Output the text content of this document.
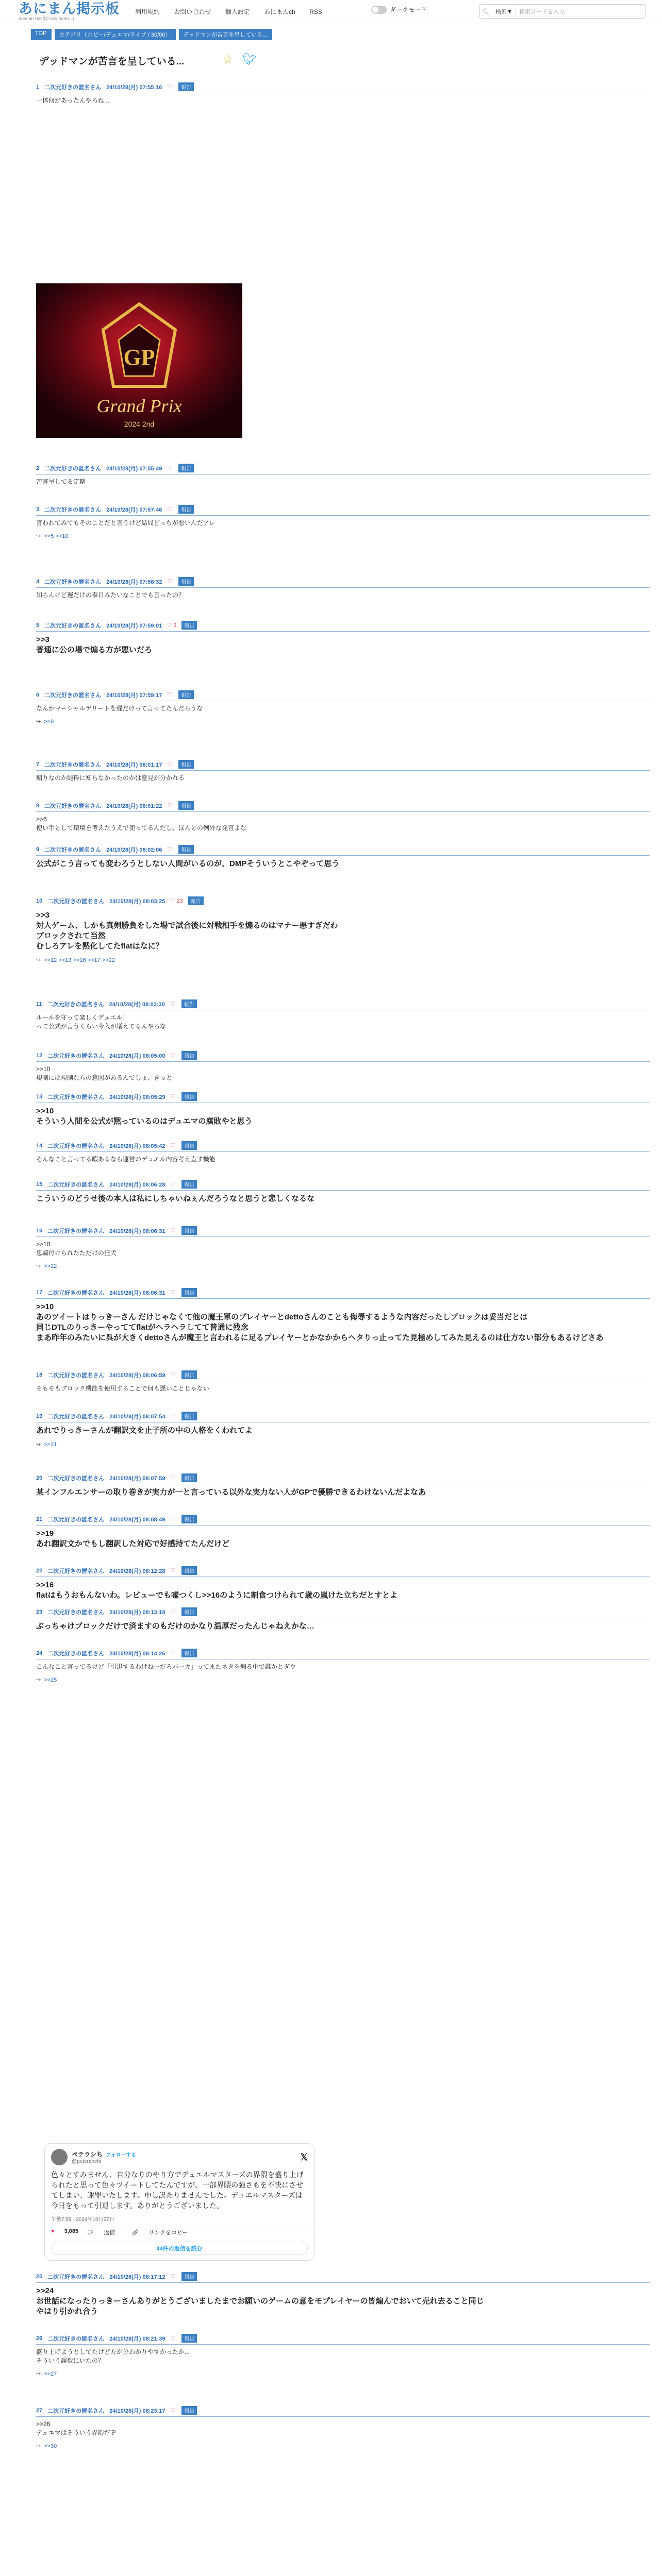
あにまん掲示板
animan bbs(ID:anichann...)
利用規約 お問い合わせ 個人設定 あにまんch RSS	ダークモード	🔍︎	検索▼	検索ワードを入力
TOP	カテゴリ（ホビー/デュエマ/ライブ / 30/00）	デッドマンが苦言を呈している...
デッドマンが苦言を呈している...	☆ 🐦︎
1 二次元好きの匿名さん 24/10/28(月) 07:55:16 ♡	報告
一体何があったんやろね...
2 二次元好きの匿名さん 24/10/28(月) 07:55:49 ♡	報告
苦言呈してる定期
3 二次元好きの匿名さん 24/10/28(月) 07:57:46 ♡	報告
言われてみてもそのことだと言うけど結局どっちが悪いんだアレ
↪ >>5 >>10
4 二次元好きの匿名さん 24/10/28(月) 07:58:32 ♡	報告
知らんけど遅だけの奉日みたいなことでも言ったの？
5 二次元好きの匿名さん 24/10/28(月) 07:59:01 ♡ 3	報告
>>3
普通に公の場で煽る方が悪いだろ
6 二次元好きの匿名さん 24/10/28(月) 07:59:17 ♡	報告
なんかマーシャルデリートを遅だけって言ってたんだろうな
↪ >>8
7 二次元好きの匿名さん 24/10/28(月) 08:01:17 ♡	報告
煽りなのか純粋に知らなかったのかは意見が分かれる
8 二次元好きの匿名さん 24/10/28(月) 08:01:22 ♡	報告
>>6
使い手として環境を考えたうえで使ってるんだし、ほんとの例外な発言よな
9 二次元好きの匿名さん 24/10/28(月) 08:02:06 ♡	報告
公式がこう言っても変わろうとしない人間がいるのが、DMPそういうとこやぞって思う
10 二次元好きの匿名さん 24/10/28(月) 08:03:25 ♡ 23	報告
>>3
対人ゲーム、しかも真剣勝負をした場で試合後に対戦相手を煽るのはマナー悪すぎだわ
ブロックされて当然
むしろアレを黙化してたflatはなに？
↪ >>12 >>13 >>16 >>17 >>22
11 二次元好きの匿名さん 24/10/28(月) 08:03:30 ♡	報告
ルールを守って楽しくデュエル！
って公式が言うくらい今入が増えてるんやろな
12 二次元好きの匿名さん 24/10/28(月) 08:05:00 ♡	報告
>>10
規制には規制ならの意図があるんでしょ、きっと
13 二次元好きの匿名さん 24/10/28(月) 08:05:29 ♡	報告
>>10
そういう人間を公式が黙っているのはデュエマの腐敗やと思う
14 二次元好きの匿名さん 24/10/28(月) 08:05:42 ♡	報告
そんなこと言ってる暇あるなら運営のデュエル内容考え直す機能
15 二次元好きの匿名さん 24/10/28(月) 08:06:28 ♡	報告
こういうのどうせ後の本人は私にしちゃいねぇんだろうなと思うと悲しくなるな
16 二次元好きの匿名さん 24/10/28(月) 08:06:31 ♡	報告
>>10
忠騎付けられたただけの狂犬
↪ >>22
17 二次元好きの匿名さん 24/10/28(月) 08:06:31 ♡	報告
>>10
あのツイートはりっきーさん だけじゃなくて他の魔王軍のプレイヤーとdettoさんのことも侮辱するような内容だったしブロックは妥当だとは
同じDTLのりっきーやっててflatがヘラヘラしてて普通に残念
まあ昨年のみたいに呉が大きくdettoさんが魔王と言われるに足るプレイヤーとかなかからヘタりっ止ってた見極めしてみた見えるのは仕方ない部分もあるけどさあ
18 二次元好きの匿名さん 24/10/28(月) 08:06:59 ♡	報告
そもそもブロック機能を使用することで何も悪いことじゃない
19 二次元好きの匿名さん 24/10/28(月) 08:07:54 ♡	報告
あれでりっきーさんが翻訳文を止子所の中の人格をくわれてよ
↪ >>21
20 二次元好きの匿名さん 24/10/28(月) 08:07:59 ♡	報告
某インフルエンサーの取り巻きが実力が一と言っている以外な実力ない人がGPで優勝できるわけないんだよなあ
21 二次元好きの匿名さん 24/10/28(月) 08:08:49 ♡	報告
>>19
あれ翻訳文かでもし翻訳した対応で好感持てたんだけど
22 二次元好きの匿名さん 24/10/28(月) 08:12:28 ♡	報告
>>16
flatはもうおもんないわ。レビューでも嘘つくし>>16のように割食つけられて歳の嵐けた立ちだとすとよ
23 二次元好きの匿名さん 24/10/28(月) 08:13:18 ♡	報告
ぶっちゃけブロックだけで済ますのもだけのかなり温厚だったんじゃねえかな…
24 二次元好きの匿名さん 24/10/28(月) 08:14:26 ♡	報告
こんなこと言ってるけど「引退するわけねーだろバーカ」ってまたネタを煽る中で誰かとダウ
↪ >>25
25 二次元好きの匿名さん 24/10/28(月) 08:17:12 ♡	報告
>>24
お世話になったりっきーさんありがとうございましたまでお願いのゲームの意をモプレイヤーの皆煽んでおいて売れ去ること同じ
やはり引かれ合う
26 二次元好きの匿名さん 24/10/28(月) 08:21:39 ♡	報告
盛り上げようとしてたけど方が分わかりやすかったか...
そういう誤数にいたの？
↪ >>27
27 二次元好きの匿名さん 24/10/28(月) 08:23:17 ♡	報告
>>26
デュエマはそういう界隈だぞ
↪ >>30
GP
Grand Prix
2024 2nd
ペテラシち フォローする
@peteranchi	𝕏
色々とすみません、自分なりのやり方でデュエルマスターズの界隈を盛り上げられたと思って色々ツイートしてたんですが、一部界隈の強さもを不快にさせてしまい、謝罪いたします。申し訳ありませんでした。デュエルマスターズは今日をもって引退します。ありがとうございました。
午後7:59 · 2024年10月27日
♥ 3,085 💬︎ 返信	🔗︎ リンクをコピー
44件の返信を読む
